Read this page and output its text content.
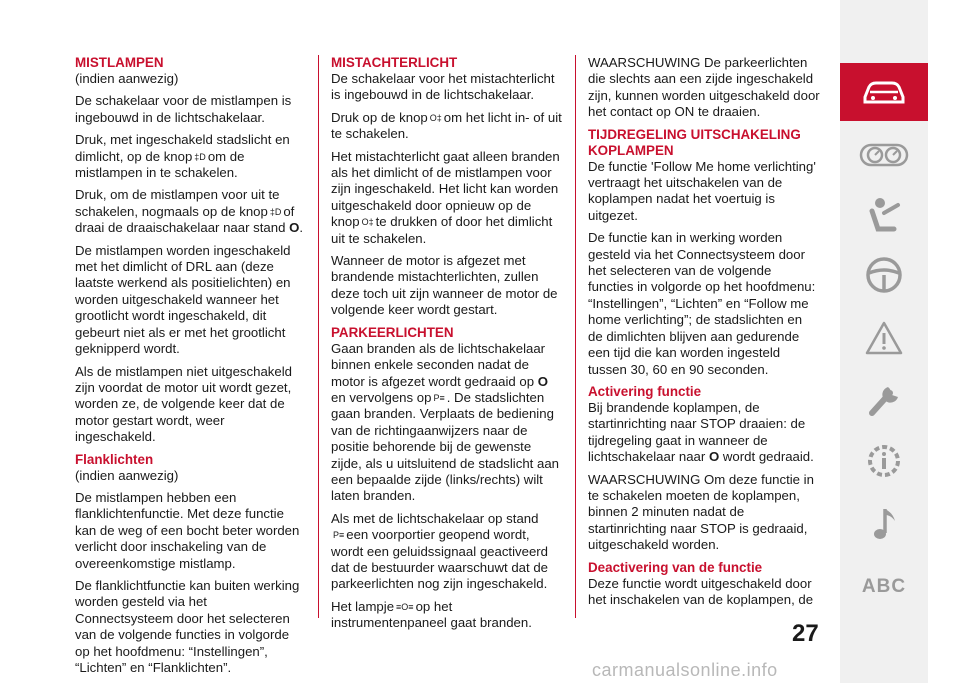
MISTLAMPEN

(indien aanwezig)

De schakelaar voor de mistlampen is ingebouwd in de lichtschakelaar.

Druk, met ingeschakeld stadslicht en dimlicht, op de knop ‡D om de mistlampen in te schakelen.

Druk, om de mistlampen voor uit te schakelen, nogmaals op de knop ‡D of draai de draaischakelaar naar stand O.

De mistlampen worden ingeschakeld met het dimlicht of DRL aan (deze laatste werkend als positielichten) en worden uitgeschakeld wanneer het grootlicht wordt ingeschakeld, dit gebeurt niet als er met het grootlicht geknipperd wordt.

Als de mistlampen niet uitgeschakeld zijn voordat de motor uit wordt gezet, worden ze, de volgende keer dat de motor gestart wordt, weer ingeschakeld.

Flanklichten

(indien aanwezig)

De mistlampen hebben een flanklichtenfunctie. Met deze functie kan de weg of een bocht beter worden verlicht door inschakeling van de overeenkomstige mistlamp.

De flanklichtfunctie kan buiten werking worden gesteld via het Connectsysteem door het selecteren van de volgende functies in volgorde op het hoofdmenu: “Instellingen”, “Lichten” en “Flanklichten”.

MISTACHTERLICHT

De schakelaar voor het mistachterlicht is ingebouwd in de lichtschakelaar.

Druk op de knop O‡ om het licht in- of uit te schakelen.

Het mistachterlicht gaat alleen branden als het dimlicht of de mistlampen voor zijn ingeschakeld. Het licht kan worden uitgeschakeld door opnieuw op de knop O‡ te drukken of door het dimlicht uit te schakelen.

Wanneer de motor is afgezet met brandende mistachterlichten, zullen deze toch uit zijn wanneer de motor de volgende keer wordt gestart.

PARKEERLICHTEN

Gaan branden als de lichtschakelaar binnen enkele seconden nadat de motor is afgezet wordt gedraaid op O en vervolgens op P≡ . De stadslichten gaan branden. Verplaats de bediening van de richtingaanwijzers naar de positie behorende bij de gewenste zijde, als u uitsluitend de stadslicht aan een bepaalde zijde (links/rechts) wilt laten branden.

Als met de lichtschakelaar op stand
P≡ een voorportier geopend wordt, wordt een geluidssignaal geactiveerd dat de bestuurder waarschuwt dat de parkeerlichten nog zijn ingeschakeld.

Het lampje ≡O≡ op het instrumentenpaneel gaat branden.

WAARSCHUWING De parkeerlichten die slechts aan een zijde ingeschakeld zijn, kunnen worden uitgeschakeld door het contact op ON te draaien.

TIJDREGELING UITSCHAKELING KOPLAMPEN

De functie 'Follow Me home verlichting' vertraagt het uitschakelen van de koplampen nadat het voertuig is uitgezet.

De functie kan in werking worden gesteld via het Connectsysteem door het selecteren van de volgende functies in volgorde op het hoofdmenu: “Instellingen”, “Lichten” en “Follow me home verlichting”; de stadslichten en de dimlichten blijven aan gedurende een tijd die kan worden ingesteld tussen 30, 60 en 90 seconden.

Activering functie

Bij brandende koplampen, de startinrichting naar STOP draaien: de tijdregeling gaat in wanneer de lichtschakelaar naar O wordt gedraaid.

WAARSCHUWING Om deze functie in te schakelen moeten de koplampen, binnen 2 minuten nadat de startinrichting naar STOP is gedraaid, uitgeschakeld worden.

Deactivering van de functie

Deze functie wordt uitgeschakeld door het inschakelen van de koplampen, de

ABC
27
carmanualsonline.info
